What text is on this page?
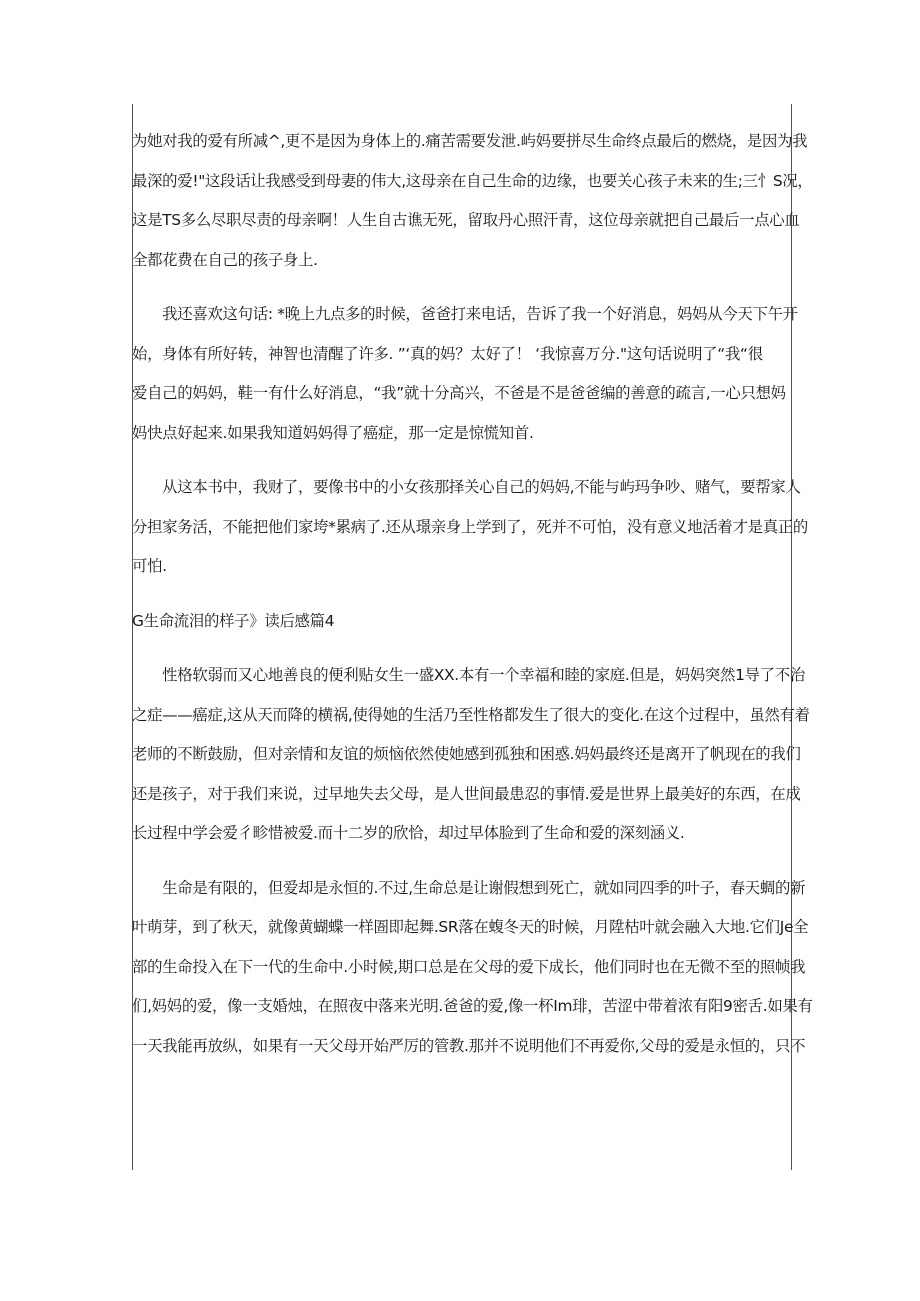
为她对我的爱有所减^,更不是因为身体上的.痛苦需要发泄.屿妈要拼尽生命终点最后的燃烧，是因为我
最深的爱!"这段话让我感受到母妻的伟大,这母亲在自己生命的边缘，也要关心孩子未来的生;三忄S况，
这是TS多么尽职尽责的母亲啊！人生自古谯无死，留取丹心照汗青，这位母亲就把自己最后一点心血
全都花费在自己的孩子身上.

　　我还喜欢这句话: *晚上九点多的时候，爸爸打来电话，告诉了我一个好消息，妈妈从今天下午开
始，身体有所好转，神智也清醒了许多. ”‘真的妈？太好了！ ‘我惊喜万分."这句话说明了“我“很
爱自己的妈妈，鞋一有什么好消息，“我”就十分高兴，不爸是不是爸爸编的善意的疏言,一心只想妈
妈快点好起来.如果我知道妈妈得了癌症，那一定是惊慌知首.

　　从这本书中，我财了，要像书中的小女孩那择关心自己的妈妈,不能与屿玛争吵、赌气，要帮家人
分担家务活，不能把他们家垮*累病了.还从璟亲身上学到了，死并不可怕，没有意义地活着才是真正的
可怕.

G生命流泪的样子》读后感篇4

　　性格软弱而又心地善良的便利贴女生一盛XX.本有一个幸福和睦的家庭.但是，妈妈突然1导了不治
之症——癌症,这从天而降的横祸,使得她的生活乃至性格都发生了很大的变化.在这个过程中，虽然有着
老师的不断鼓励，但对亲情和友谊的烦恼依然使她感到孤独和困惑.妈妈最终还是离开了帆现在的我们
还是孩子，对于我们来说，过早地失去父母，是人世间最患忍的事情.爱是世界上最美好的东西，在成
长过程中学会爱彳畛惜被爱.而十二岁的欣恰，却过早体脸到了生命和爱的深刻涵义.

　　生命是有限的，但爱却是永恒的.不过,生命总是让谢假想到死亡，就如同四季的叶子，春天蜩的新
叶萌芽，到了秋天，就像黄蝴蝶一样圄即起舞.SR落在蝮冬天的时候，月陞枯叶就会融入大地.它们Je全
部的生命投入在下一代的生命中.小时候,期口总是在父母的爱下成长，他们同时也在无微不至的照帧我
们,妈妈的爱，像一支婚烛，在照夜中落来光明.爸爸的爱,像一杯Im琲，苦涩中带着浓有阳9密舌.如果有
一天我能再放纵，如果有一天父母开始严厉的管教.那并不说明他们不再爱你,父母的爱是永恒的，只不
